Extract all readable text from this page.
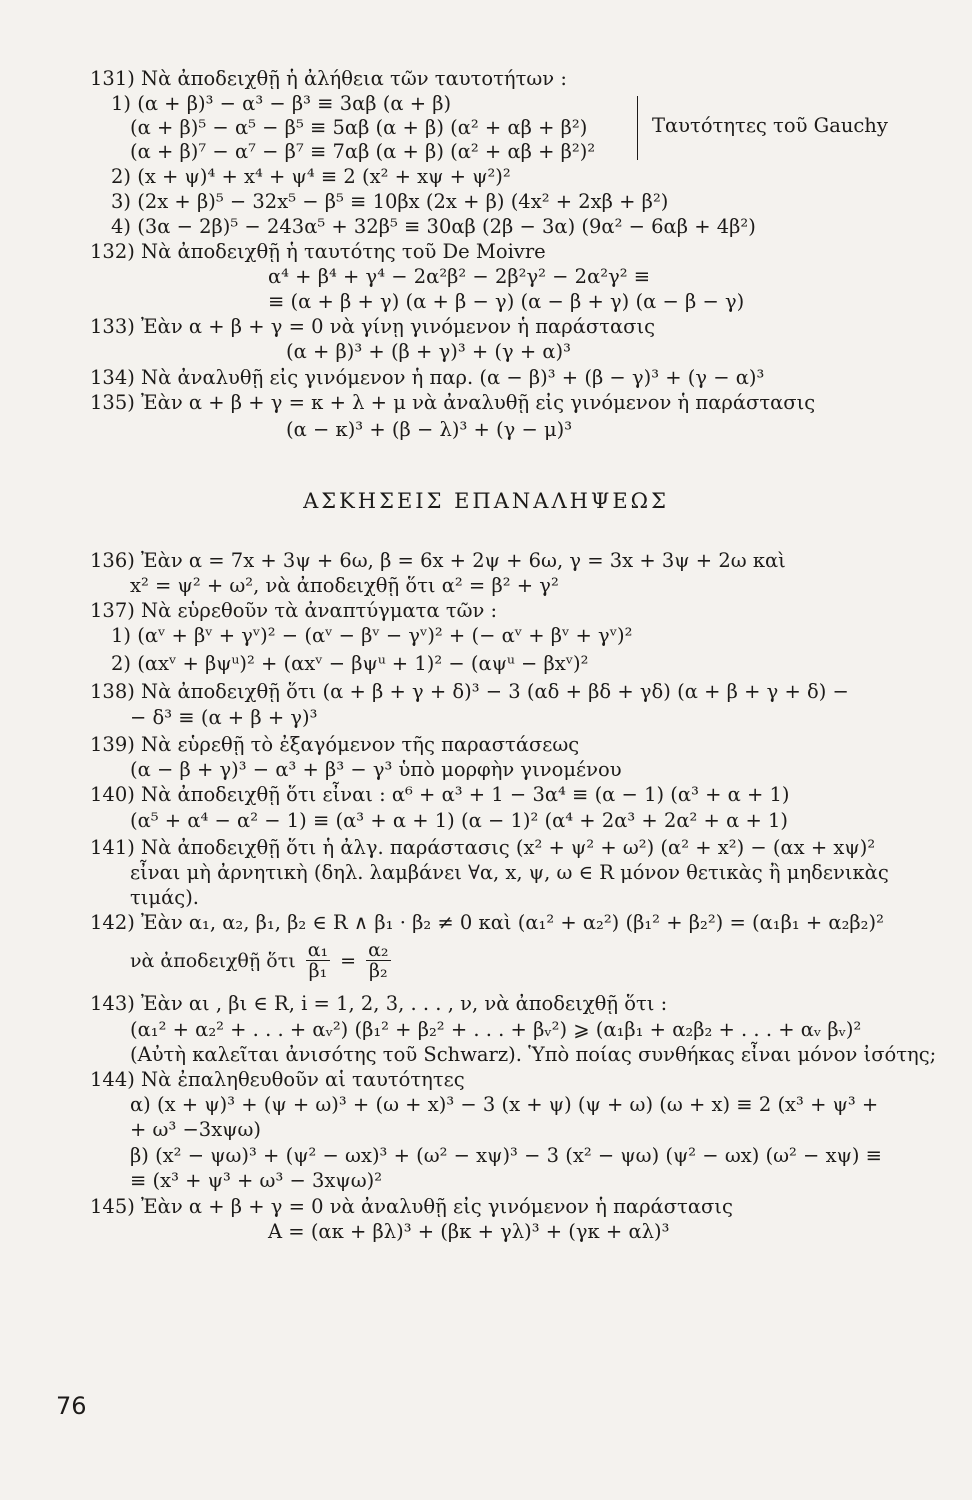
131) Νὰ ἀποδειχθῇ ἡ ἀλήθεια τῶν ταυτοτήτων :
1) (α + β)³ − α³ − β³ ≡ 3αβ (α + β)
(α + β)⁵ − α⁵ − β⁵ ≡ 5αβ (α + β) (α² + αβ + β²)
(α + β)⁷ − α⁷ − β⁷ ≡ 7αβ (α + β) (α² + αβ + β²)²
Ταυτότητες τοῦ Gauchy
2) (x + ψ)⁴ + x⁴ + ψ⁴ ≡ 2 (x² + xψ + ψ²)²
3) (2x + β)⁵ − 32x⁵ − β⁵ ≡ 10βx (2x + β) (4x² + 2xβ + β²)
4) (3α − 2β)⁵ − 243α⁵ + 32β⁵ ≡ 30αβ (2β − 3α) (9α² − 6αβ + 4β²)
132) Νὰ ἀποδειχθῇ ἡ ταυτότης τοῦ De Moivre
α⁴ + β⁴ + γ⁴ − 2α²β² − 2β²γ² − 2α²γ² ≡
≡ (α + β + γ) (α + β − γ) (α − β + γ) (α − β − γ)
133) Ἐὰν α + β + γ = 0 νὰ γίνῃ γινόμενον ἡ παράστασις
(α + β)³ + (β + γ)³ + (γ + α)³
134) Νὰ ἀναλυθῇ εἰς γινόμενον ἡ παρ. (α − β)³ + (β − γ)³ + (γ − α)³
135) Ἐὰν α + β + γ = κ + λ + μ νὰ ἀναλυθῇ εἰς γινόμενον ἡ παράστασις
(α − κ)³ + (β − λ)³ + (γ − μ)³
ΑΣΚΗΣΕΙΣ ΕΠΑΝΑΛΗΨΕΩΣ
136) Ἐὰν α = 7x + 3ψ + 6ω, β = 6x + 2ψ + 6ω, γ = 3x + 3ψ + 2ω καὶ
x² = ψ² + ω², νὰ ἀποδειχθῇ ὅτι α² = β² + γ²
137) Νὰ εὑρεθοῦν τὰ ἀναπτύγματα τῶν :
1) (αᵛ + βᵛ + γᵛ)² − (αᵛ − βᵛ − γᵛ)² + (− αᵛ + βᵛ + γᵛ)²
2) (αxᵛ + βψᵘ)² + (αxᵛ − βψᵘ + 1)² − (αψᵘ − βxᵛ)²
138) Νὰ ἀποδειχθῇ ὅτι (α + β + γ + δ)³ − 3 (αδ + βδ + γδ) (α + β + γ + δ) −
− δ³ ≡ (α + β + γ)³
139) Νὰ εὑρεθῇ τὸ ἐξαγόμενον τῆς παραστάσεως
(α − β + γ)³ − α³ + β³ − γ³ ὑπὸ μορφὴν γινομένου
140) Νὰ ἀποδειχθῇ ὅτι εἶναι : α⁶ + α³ + 1 − 3α⁴ ≡ (α − 1) (α³ + α + 1)
(α⁵ + α⁴ − α² − 1) ≡ (α³ + α + 1) (α − 1)² (α⁴ + 2α³ + 2α² + α + 1)
141) Νὰ ἀποδειχθῇ ὅτι ἡ ἀλγ. παράστασις (x² + ψ² + ω²) (α² + x²) − (αx + xψ)²
εἶναι μὴ ἀρνητικὴ (δηλ. λαμβάνει ∀α, x, ψ, ω ∈ R μόνον θετικὰς ἢ μηδενικὰς
τιμάς).
142) Ἐὰν α₁, α₂, β₁, β₂ ∈ R ∧ β₁ · β₂ ≠ 0 καὶ (α₁² + α₂²) (β₁² + β₂²) = (α₁β₁ + α₂β₂)²
νὰ ἀποδειχθῇ ὅτι $\frac{\text{α₁}}{\text{β₁}} = \frac{\text{α₂}}{\text{β₂}}$
143) Ἐὰν αι , βι ∈ R, i = 1, 2, 3, . . . , ν, νὰ ἀποδειχθῇ ὅτι :
(α₁² + α₂² + . . . + αᵥ²) (β₁² + β₂² + . . . + βᵥ²) ⩾ (α₁β₁ + α₂β₂ + . . . + αᵥ βᵥ)²
(Αὐτὴ καλεῖται ἀνισότης τοῦ Schwarz). Ὑπὸ ποίας συνθήκας εἶναι μόνον ἰσότης;
144) Νὰ ἐπαληθευθοῦν αἱ ταυτότητες
α) (x + ψ)³ + (ψ + ω)³ + (ω + x)³ − 3 (x + ψ) (ψ + ω) (ω + x) ≡ 2 (x³ + ψ³ +
+ ω³ −3xψω)
β) (x² − ψω)³ + (ψ² − ωx)³ + (ω² − xψ)³ − 3 (x² − ψω) (ψ² − ωx) (ω² − xψ) ≡
≡ (x³ + ψ³ + ω³ − 3xψω)²
145) Ἐὰν α + β + γ = 0 νὰ ἀναλυθῇ εἰς γινόμενον ἡ παράστασις
A = (ακ + βλ)³ + (βκ + γλ)³ + (γκ + αλ)³
76
